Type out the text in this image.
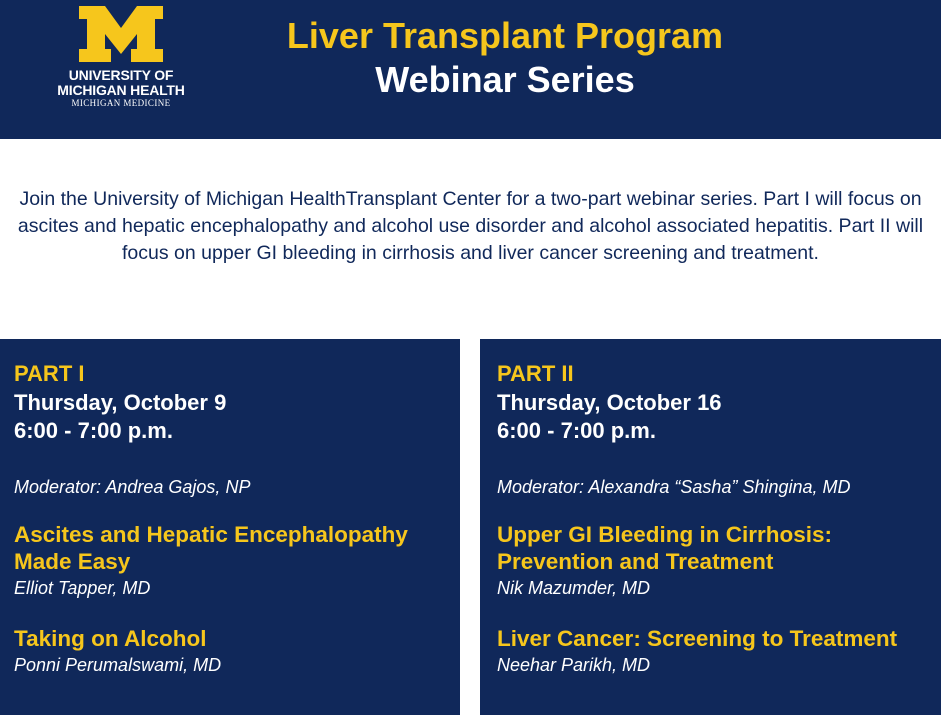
UNIVERSITY OF
MICHIGAN HEALTH
MICHIGAN MEDICINE
Liver Transplant Program
Webinar Series
Join the University of Michigan HealthTransplant Center for a two-part webinar series. Part I will focus on ascites and hepatic encephalopathy and alcohol use disorder and alcohol associated hepatitis. Part II will focus on upper GI bleeding in cirrhosis and liver cancer screening and treatment.
PART I
Thursday, October 9
6:00 - 7:00 p.m.
Moderator: Andrea Gajos, NP
Ascites and Hepatic Encephalopathy Made Easy
Elliot Tapper, MD
Taking on Alcohol
Ponni Perumalswami, MD
PART II
Thursday, October 16
6:00 - 7:00 p.m.
Moderator: Alexandra “Sasha” Shingina, MD
Upper GI Bleeding in Cirrhosis: Prevention and Treatment
Nik Mazumder, MD
Liver Cancer: Screening to Treatment
Neehar Parikh, MD
